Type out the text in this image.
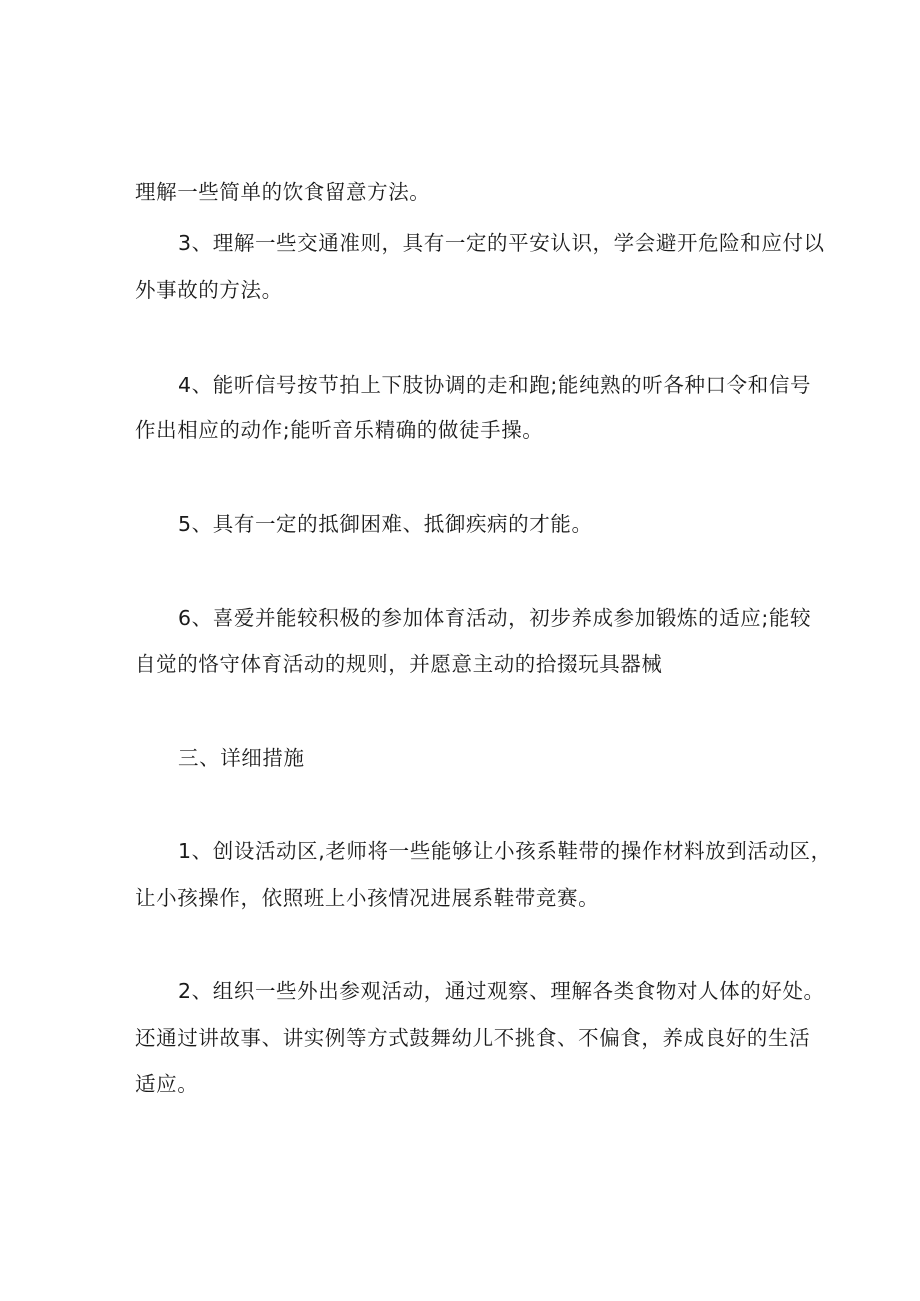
理解一些简单的饮食留意方法。

3、理解一些交通准则，具有一定的平安认识，学会避开危险和应付以

外事故的方法。

4、能听信号按节拍上下肢协调的走和跑;能纯熟的听各种口令和信号

作出相应的动作;能听音乐精确的做徒手操。

5、具有一定的抵御困难、抵御疾病的才能。

6、喜爱并能较积极的参加体育活动，初步养成参加锻炼的适应;能较

自觉的恪守体育活动的规则，并愿意主动的拾掇玩具器械

三、详细措施

1、创设活动区,老师将一些能够让小孩系鞋带的操作材料放到活动区，

让小孩操作，依照班上小孩情况进展系鞋带竞赛。

2、组织一些外出参观活动，通过观察、理解各类食物对人体的好处。

还通过讲故事、讲实例等方式鼓舞幼儿不挑食、不偏食，养成良好的生活

适应。
